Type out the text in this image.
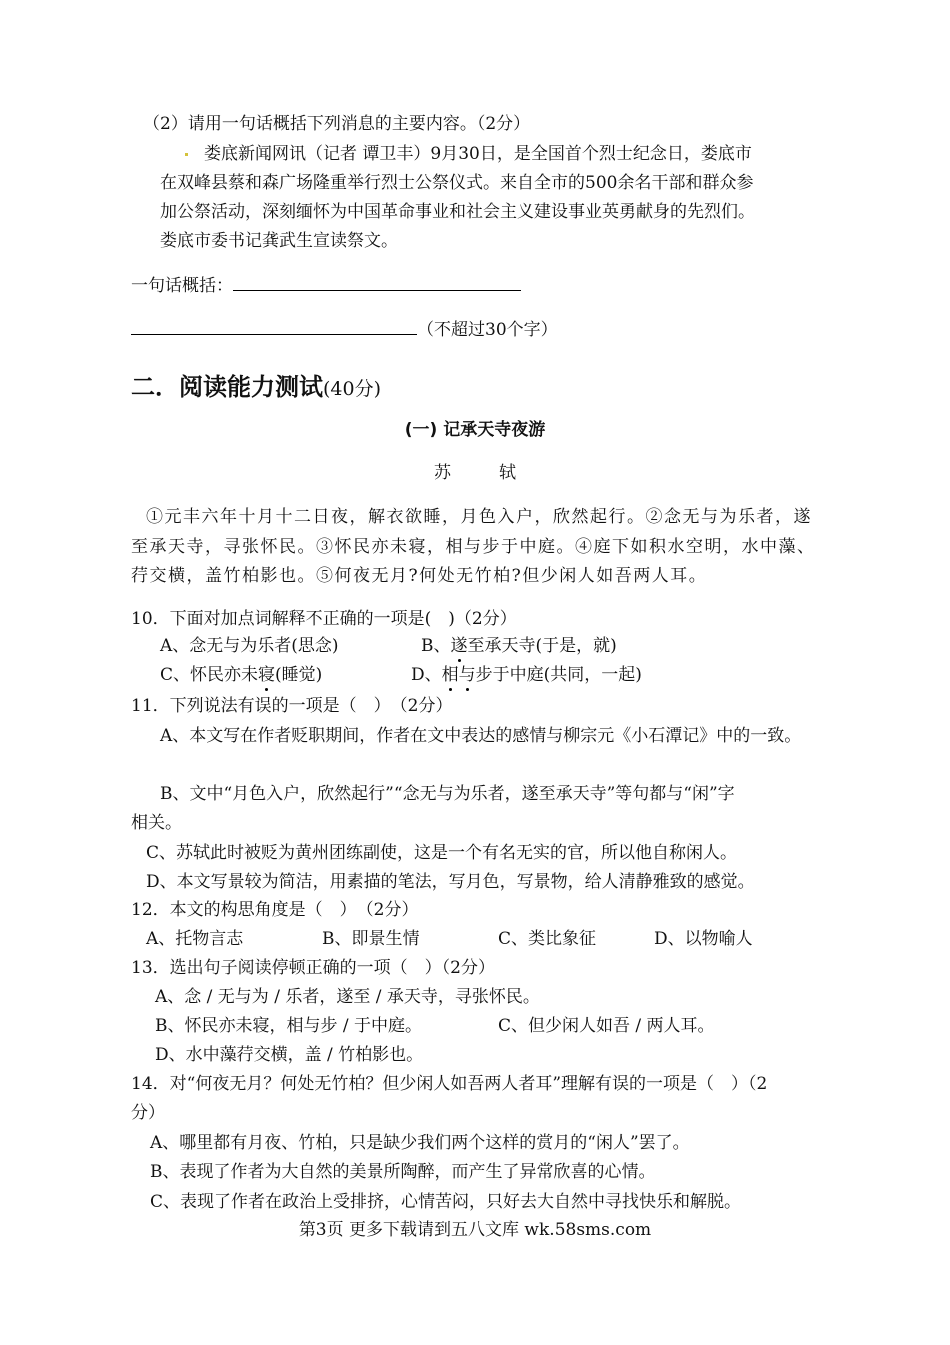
（2）请用一句话概括下列消息的主要内容。（2分）
娄底新闻网讯（记者 谭卫丰）9月30日，是全国首个烈士纪念日，娄底市
在双峰县蔡和森广场隆重举行烈士公祭仪式。来自全市的500余名干部和群众参
加公祭活动，深刻缅怀为中国革命事业和社会主义建设事业英勇献身的先烈们。
娄底市委书记龚武生宣读祭文。
一句话概括：
（不超过30个字）
二．阅读能力测试(40分)
(一) 记承天寺夜游
苏	轼
①元丰六年十月十二日夜，解衣欲睡，月色入户，欣然起行。②念无与为乐者，遂
至承天寺，寻张怀民。③怀民亦未寝，相与步于中庭。④庭下如积水空明，水中藻、
荇交横，盖竹柏影也。⑤何夜无月?何处无竹柏?但少闲人如吾两人耳。
10．下面对加点词解释不正确的一项是(　)（2分）
A、念无与为乐者(思念)	B、遂至承天寺(于是，就)
C、怀民亦未寝(睡觉)	D、相与步于中庭(共同，一起)
11．下列说法有误的一项是（　）　（2分）
A、本文写在作者贬职期间，作者在文中表达的感情与柳宗元《小石潭记》中的一致。
B、文中“月色入户，欣然起行”“念无与为乐者，遂至承天寺”等句都与“闲”字
相关。
C、苏轼此时被贬为黄州团练副使，这是一个有名无实的官，所以他自称闲人。
D、本文写景较为简洁，用素描的笔法，写月色，写景物，给人清静雅致的感觉。
12．本文的构思角度是（　）　（2分）
A、托物言志	B、即景生情	C、类比象征	D、以物喻人
13．选出句子阅读停顿正确的一项（　）（2分）
A、念 / 无与为 / 乐者，遂至 / 承天寺，寻张怀民。
B、怀民亦未寝，相与步 / 于中庭。	C、但少闲人如吾 / 两人耳。
D、水中藻荇交横，盖 / 竹柏影也。
14．对“何夜无月？何处无竹柏？但少闲人如吾两人者耳”理解有误的一项是（　）（2
分）
A、哪里都有月夜、竹柏，只是缺少我们两个这样的赏月的“闲人”罢了。
B、表现了作者为大自然的美景所陶醉，而产生了异常欣喜的心情。
C、表现了作者在政治上受排挤，心情苦闷，只好去大自然中寻找快乐和解脱。
第3页 更多下载请到五八文库 wk.58sms.com
